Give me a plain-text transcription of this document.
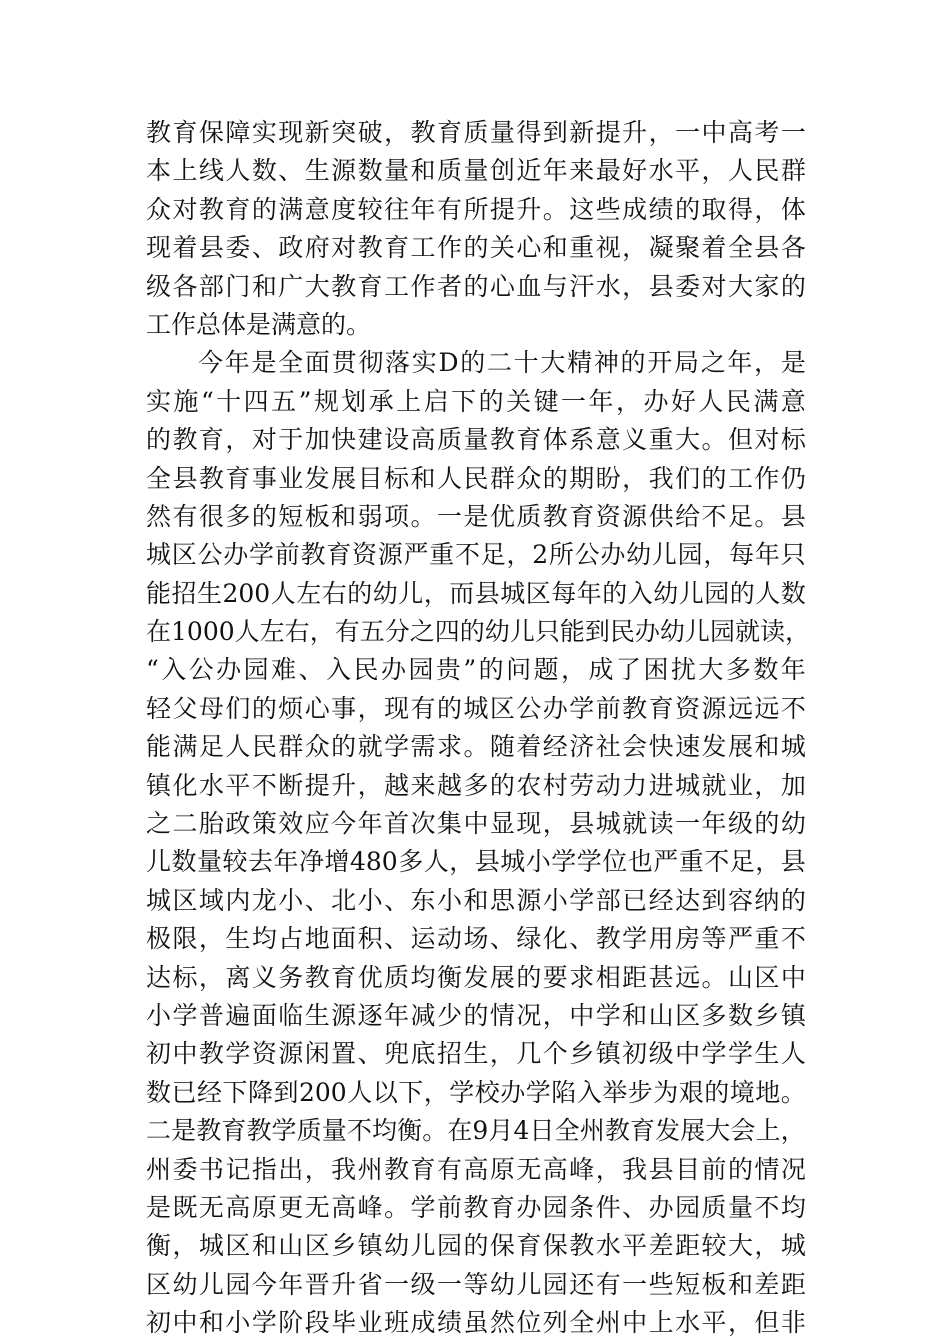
教 育 保 障 实 现 新 突 破 ， 教 育 质 量 得 到 新 提 升 ， 一 中 高 考 一
本 上 线 人 数 、 生 源 数 量 和 质 量 创 近 年 来 最 好 水 平 ， 人 民 群
众 对 教 育 的 满 意 度 较 往 年 有 所 提 升 。 这 些 成 绩 的 取 得 ， 体
现 着 县 委 、 政 府 对 教 育 工 作 的 关 心 和 重 视 ， 凝 聚 着 全 县 各
级 各 部 门 和 广 大 教 育 工 作 者 的 心 血 与 汗 水 ， 县 委 对 大 家 的
工作总体是满意的。
今 年 是 全 面 贯 彻 落 实 D 的 二 十 大 精 神 的 开 局 之 年 ， 是
实 施 “ 十 四 五 ” 规 划 承 上 启 下 的 关 键 一 年 ， 办 好 人 民 满 意
的 教 育 ， 对 于 加 快 建 设 高 质 量 教 育 体 系 意 义 重 大 。 但 对 标
全 县 教 育 事 业 发 展 目 标 和 人 民 群 众 的 期 盼 ， 我 们 的 工 作 仍
然 有 很 多 的 短 板 和 弱 项 。 一 是 优 质 教 育 资 源 供 给 不 足 。 县
城 区 公 办 学 前 教 育 资 源 严 重 不 足 ， 2 所 公 办 幼 儿 园 ， 每 年 只
能 招 生 200 人 左 右 的 幼 儿 ， 而 县 城 区 每 年 的 入 幼 儿 园 的 人 数
在 1000 人 左 右 ， 有 五 分 之 四 的 幼 儿 只 能 到 民 办 幼 儿 园 就 读 ，
“ 入 公 办 园 难 、 入 民 办 园 贵 ” 的 问 题 ， 成 了 困 扰 大 多 数 年
轻 父 母 们 的 烦 心 事 ， 现 有 的 城 区 公 办 学 前 教 育 资 源 远 远 不
能 满 足 人 民 群 众 的 就 学 需 求 。 随 着 经 济 社 会 快 速 发 展 和 城
镇 化 水 平 不 断 提 升 ， 越 来 越 多 的 农 村 劳 动 力 进 城 就 业 ， 加
之 二 胎 政 策 效 应 今 年 首 次 集 中 显 现 ， 县 城 就 读 一 年 级 的 幼
儿 数 量 较 去 年 净 增 480 多 人 ， 县 城 小 学 学 位 也 严 重 不 足 ， 县
城 区 域 内 龙 小 、 北 小 、 东 小 和 思 源 小 学 部 已 经 达 到 容 纳 的
极 限 ， 生 均 占 地 面 积 、 运 动 场 、 绿 化 、 教 学 用 房 等 严 重 不
达 标 ， 离 义 务 教 育 优 质 均 衡 发 展 的 要 求 相 距 甚 远 。 山 区 中
小 学 普 遍 面 临 生 源 逐 年 减 少 的 情 况 ， 中 学 和 山 区 多 数 乡 镇
初 中 教 学 资 源 闲 置 、 兜 底 招 生 ， 几 个 乡 镇 初 级 中 学 学 生 人
数 已 经 下 降 到 200 人 以 下 ， 学 校 办 学 陷 入 举 步 为 艰 的 境 地 。
二 是 教 育 教 学 质 量 不 均 衡 。 在 9 月 4 日 全 州 教 育 发 展 大 会 上 ，
州 委 书 记 指 出 ， 我 州 教 育 有 高 原 无 高 峰 ， 我 县 目 前 的 情 况
是 既 无 高 原 更 无 高 峰 。 学 前 教 育 办 园 条 件 、 办 园 质 量 不 均
衡 ， 城 区 和 山 区 乡 镇 幼 儿 园 的 保 育 保 教 水 平 差 距 较 大 ， 城
区 幼 儿 园 今 年 晋 升 省 一 级 一 等 幼 儿 园 还 有 一 些 短 板 和 差 距
初 中 和 小 学 阶 段 毕 业 班 成 绩 虽 然 位 列 全 州 中 上 水 平 ， 但 非
